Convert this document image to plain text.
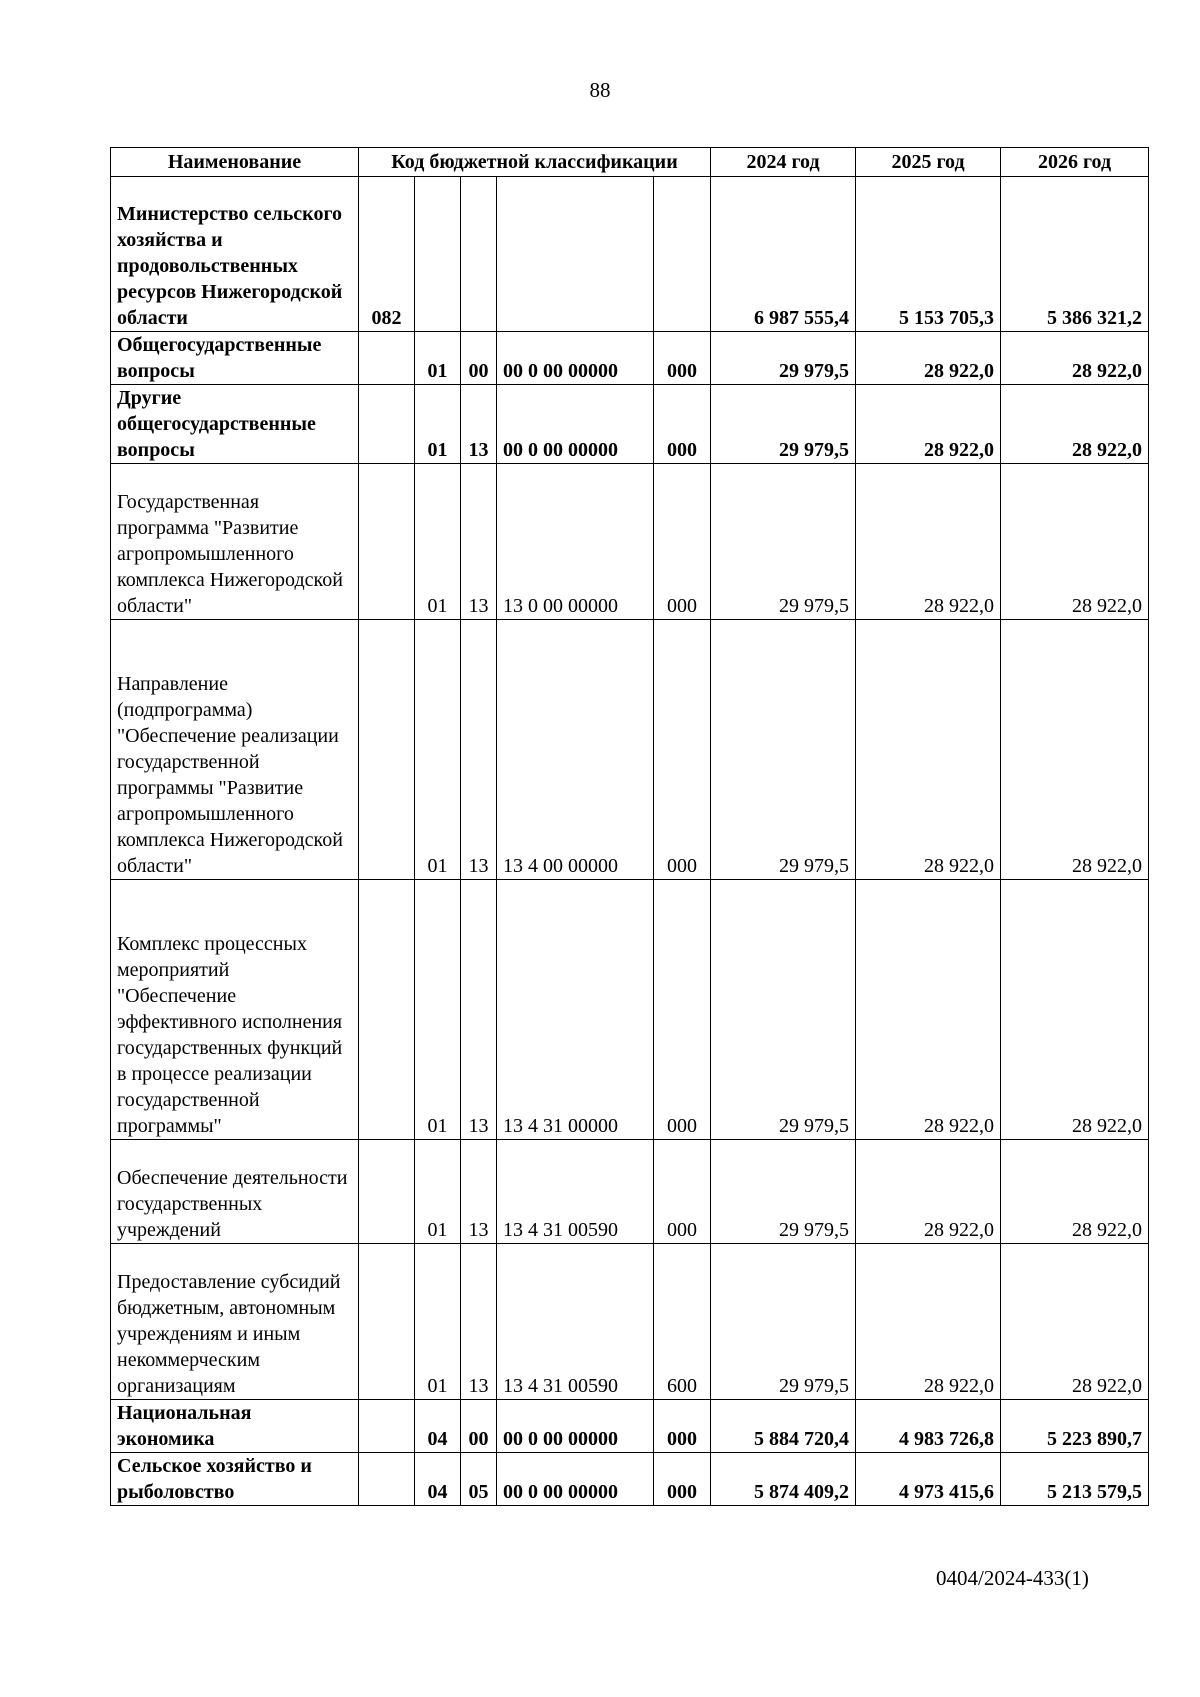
88
Наименование	Код бюджетной классификации					2024 год	2025 год	2026 год
Министерство сельского хозяйства и продовольственных ресурсов Нижегородской области	082					6 987 555,4	5 153 705,3	5 386 321,2
Общегосударственные вопросы		01	00	00 0 00 00000	000	29 979,5	28 922,0	28 922,0
Другие общегосударственные вопросы		01	13	00 0 00 00000	000	29 979,5	28 922,0	28 922,0
Государственная программа "Развитие агропромышленного комплекса Нижегородской области"		01	13	13 0 00 00000	000	29 979,5	28 922,0	28 922,0
Направление (подпрограмма) "Обеспечение реализации государственной программы "Развитие агропромышленного комплекса Нижегородской области"		01	13	13 4 00 00000	000	29 979,5	28 922,0	28 922,0
Комплекс процессных мероприятий "Обеспечение эффективного исполнения государственных функций в процессе реализации государственной программы"		01	13	13 4 31 00000	000	29 979,5	28 922,0	28 922,0
Обеспечение деятельности государственных учреждений		01	13	13 4 31 00590	000	29 979,5	28 922,0	28 922,0
Предоставление субсидий бюджетным, автономным учреждениям и иным некоммерческим организациям		01	13	13 4 31 00590	600	29 979,5	28 922,0	28 922,0
Национальная экономика		04	00	00 0 00 00000	000	5 884 720,4	4 983 726,8	5 223 890,7
Сельское хозяйство и рыболовство		04	05	00 0 00 00000	000	5 874 409,2	4 973 415,6	5 213 579,5
0404/2024-433(1)
